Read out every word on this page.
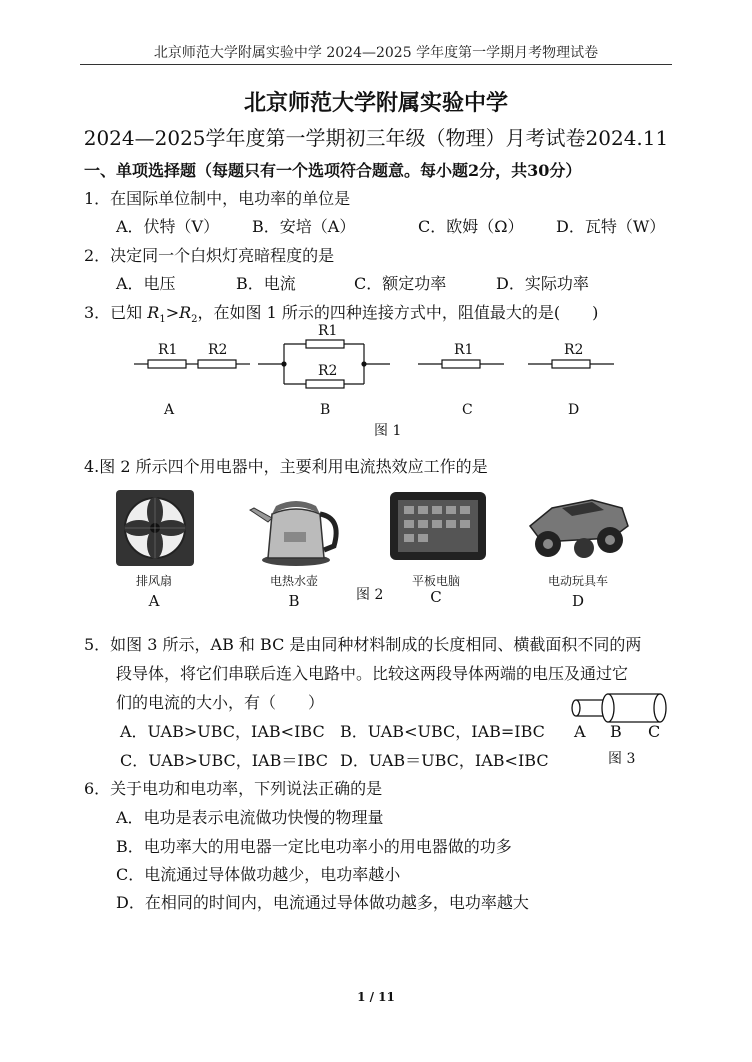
北京师范大学附属实验中学 2024—2025 学年度第一学期月考物理试卷
北京师范大学附属实验中学
2024—2025学年度第一学期初三年级（物理）月考试卷2024.11
一、单项选择题（每题只有一个选项符合题意。每小题2分，共30分）
1．在国际单位制中，电功率的单位是
A．伏特（V） B．安培（A）	C．欧姆（Ω） D．瓦特（W）
2．决定同一个白炽灯亮暗程度的是
A．电压	B．电流	C．额定功率	D．实际功率
3．已知 $R_1>R_2$，在如图 1 所示的四种连接方式中，阻值最大的是(　　)
R1 R2
R1
R2
R1	R2
A	B	C	D
图 1
4.图 2 所示四个用电器中，主要利用电流热效应工作的是
排风扇	电热水壶	平板电脑	电动玩具车
A	B	图 2	C	D
5．如图 3 所示，AB 和 BC 是由同种材料制成的长度相同、横截面积不同的两
段导体，将它们串联后连入电路中。比较这两段导体两端的电压及通过它
们的电流的大小，有（　　）
A．UAB>UBC，IAB<IBC B．UAB<UBC，IAB=IBC
C．UAB>UBC，IAB＝IBC D．UAB＝UBC，IAB<IBC
A B C
图 3
6．关于电功和电功率，下列说法正确的是
A．电功是表示电流做功快慢的物理量
B．电功率大的用电器一定比电功率小的用电器做的功多
C．电流通过导体做功越少，电功率越小
D．在相同的时间内，电流通过导体做功越多，电功率越大
1 / 11
